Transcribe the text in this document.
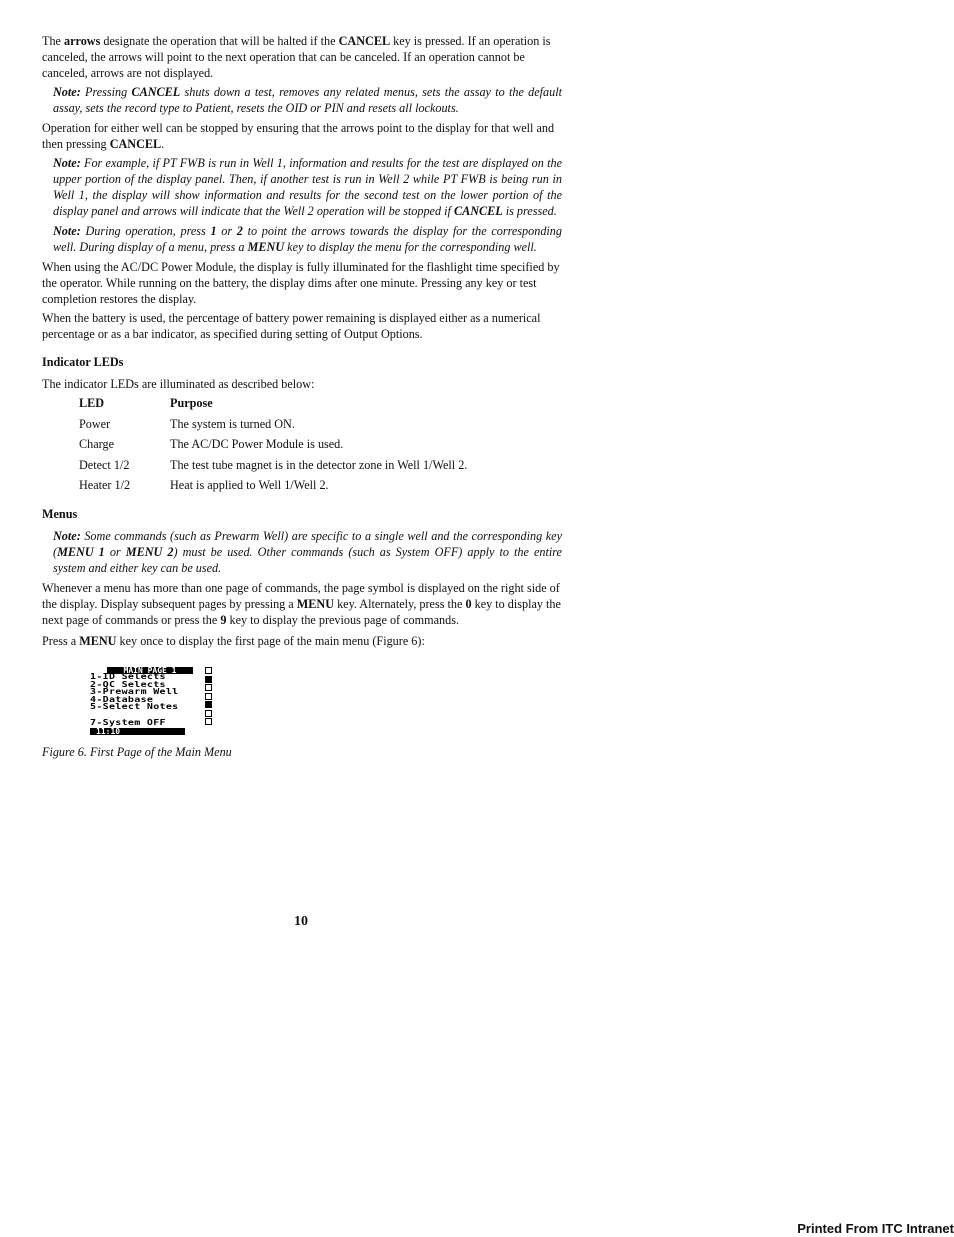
The arrows designate the operation that will be halted if the CANCEL key is pressed. If an operation is canceled, the arrows will point to the next operation that can be canceled. If an operation cannot be canceled, arrows are not displayed.

Note: Pressing CANCEL shuts down a test, removes any related menus, sets the assay to the default assay, sets the record type to Patient, resets the OID or PIN and resets all lockouts.

Operation for either well can be stopped by ensuring that the arrows point to the display for that well and then pressing CANCEL.

Note: For example, if PT FWB is run in Well 1, information and results for the test are displayed on the upper portion of the display panel. Then, if another test is run in Well 2 while PT FWB is being run in Well 1, the display will show information and results for the second test on the lower portion of the display panel and arrows will indicate that the Well 2 operation will be stopped if CANCEL is pressed.

Note: During operation, press 1 or 2 to point the arrows towards the display for the corresponding well. During display of a menu, press a MENU key to display the menu for the corresponding well.

When using the AC/DC Power Module, the display is fully illuminated for the flashlight time specified by the operator. While running on the battery, the display dims after one minute. Pressing any key or test completion restores the display.

When the battery is used, the percentage of battery power remaining is displayed either as a numerical percentage or as a bar indicator, as specified during setting of Output Options.

Indicator LEDs

The indicator LEDs are illuminated as described below:

LED	Purpose
Power	The system is turned ON.
Charge	The AC/DC Power Module is used.
Detect 1/2	The test tube magnet is in the detector zone in Well 1/Well 2.
Heater 1/2	Heat is applied to Well 1/Well 2.
Menus

Note: Some commands (such as Prewarm Well) are specific to a single well and the corresponding key (MENU 1 or MENU 2) must be used. Other commands (such as System OFF) apply to the entire system and either key can be used.

Whenever a menu has more than one page of commands, the page symbol is displayed on the right side of the display. Display subsequent pages by pressing a MENU key. Alternately, press the 0 key to display the next page of commands or press the 9 key to display the previous page of commands.

Press a MENU key once to display the first page of the main menu (Figure 6):

MAIN PAGE 1
1-ID Selects
2-QC Selects
3-Prewarm Well
4-Database
5-Select Notes
7-System OFF
11:10
Figure 6. First Page of the Main Menu
10
Printed From ITC Intranet
